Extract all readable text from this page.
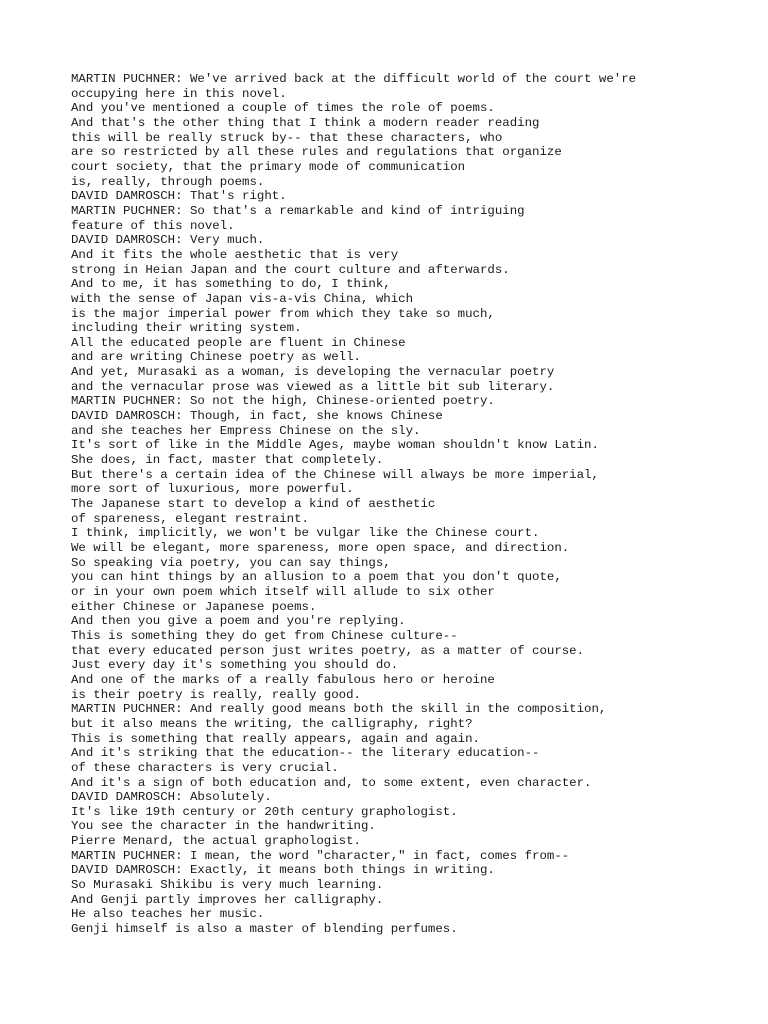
MARTIN PUCHNER: We've arrived back at the difficult world of the court we're
occupying here in this novel.
And you've mentioned a couple of times the role of poems.
And that's the other thing that I think a modern reader reading
this will be really struck by-- that these characters, who
are so restricted by all these rules and regulations that organize
court society, that the primary mode of communication
is, really, through poems.
DAVID DAMROSCH: That's right.
MARTIN PUCHNER: So that's a remarkable and kind of intriguing
feature of this novel.
DAVID DAMROSCH: Very much.
And it fits the whole aesthetic that is very
strong in Heian Japan and the court culture and afterwards.
And to me, it has something to do, I think,
with the sense of Japan vis-a-vis China, which
is the major imperial power from which they take so much,
including their writing system.
All the educated people are fluent in Chinese
and are writing Chinese poetry as well.
And yet, Murasaki as a woman, is developing the vernacular poetry
and the vernacular prose was viewed as a little bit sub literary.
MARTIN PUCHNER: So not the high, Chinese-oriented poetry.
DAVID DAMROSCH: Though, in fact, she knows Chinese
and she teaches her Empress Chinese on the sly.
It's sort of like in the Middle Ages, maybe woman shouldn't know Latin.
She does, in fact, master that completely.
But there's a certain idea of the Chinese will always be more imperial,
more sort of luxurious, more powerful.
The Japanese start to develop a kind of aesthetic
of spareness, elegant restraint.
I think, implicitly, we won't be vulgar like the Chinese court.
We will be elegant, more spareness, more open space, and direction.
So speaking via poetry, you can say things,
you can hint things by an allusion to a poem that you don't quote,
or in your own poem which itself will allude to six other
either Chinese or Japanese poems.
And then you give a poem and you're replying.
This is something they do get from Chinese culture--
that every educated person just writes poetry, as a matter of course.
Just every day it's something you should do.
And one of the marks of a really fabulous hero or heroine
is their poetry is really, really good.
MARTIN PUCHNER: And really good means both the skill in the composition,
but it also means the writing, the calligraphy, right?
This is something that really appears, again and again.
And it's striking that the education-- the literary education--
of these characters is very crucial.
And it's a sign of both education and, to some extent, even character.
DAVID DAMROSCH: Absolutely.
It's like 19th century or 20th century graphologist.
You see the character in the handwriting.
Pierre Menard, the actual graphologist.
MARTIN PUCHNER: I mean, the word "character," in fact, comes from--
DAVID DAMROSCH: Exactly, it means both things in writing.
So Murasaki Shikibu is very much learning.
And Genji partly improves her calligraphy.
He also teaches her music.
Genji himself is also a master of blending perfumes.
